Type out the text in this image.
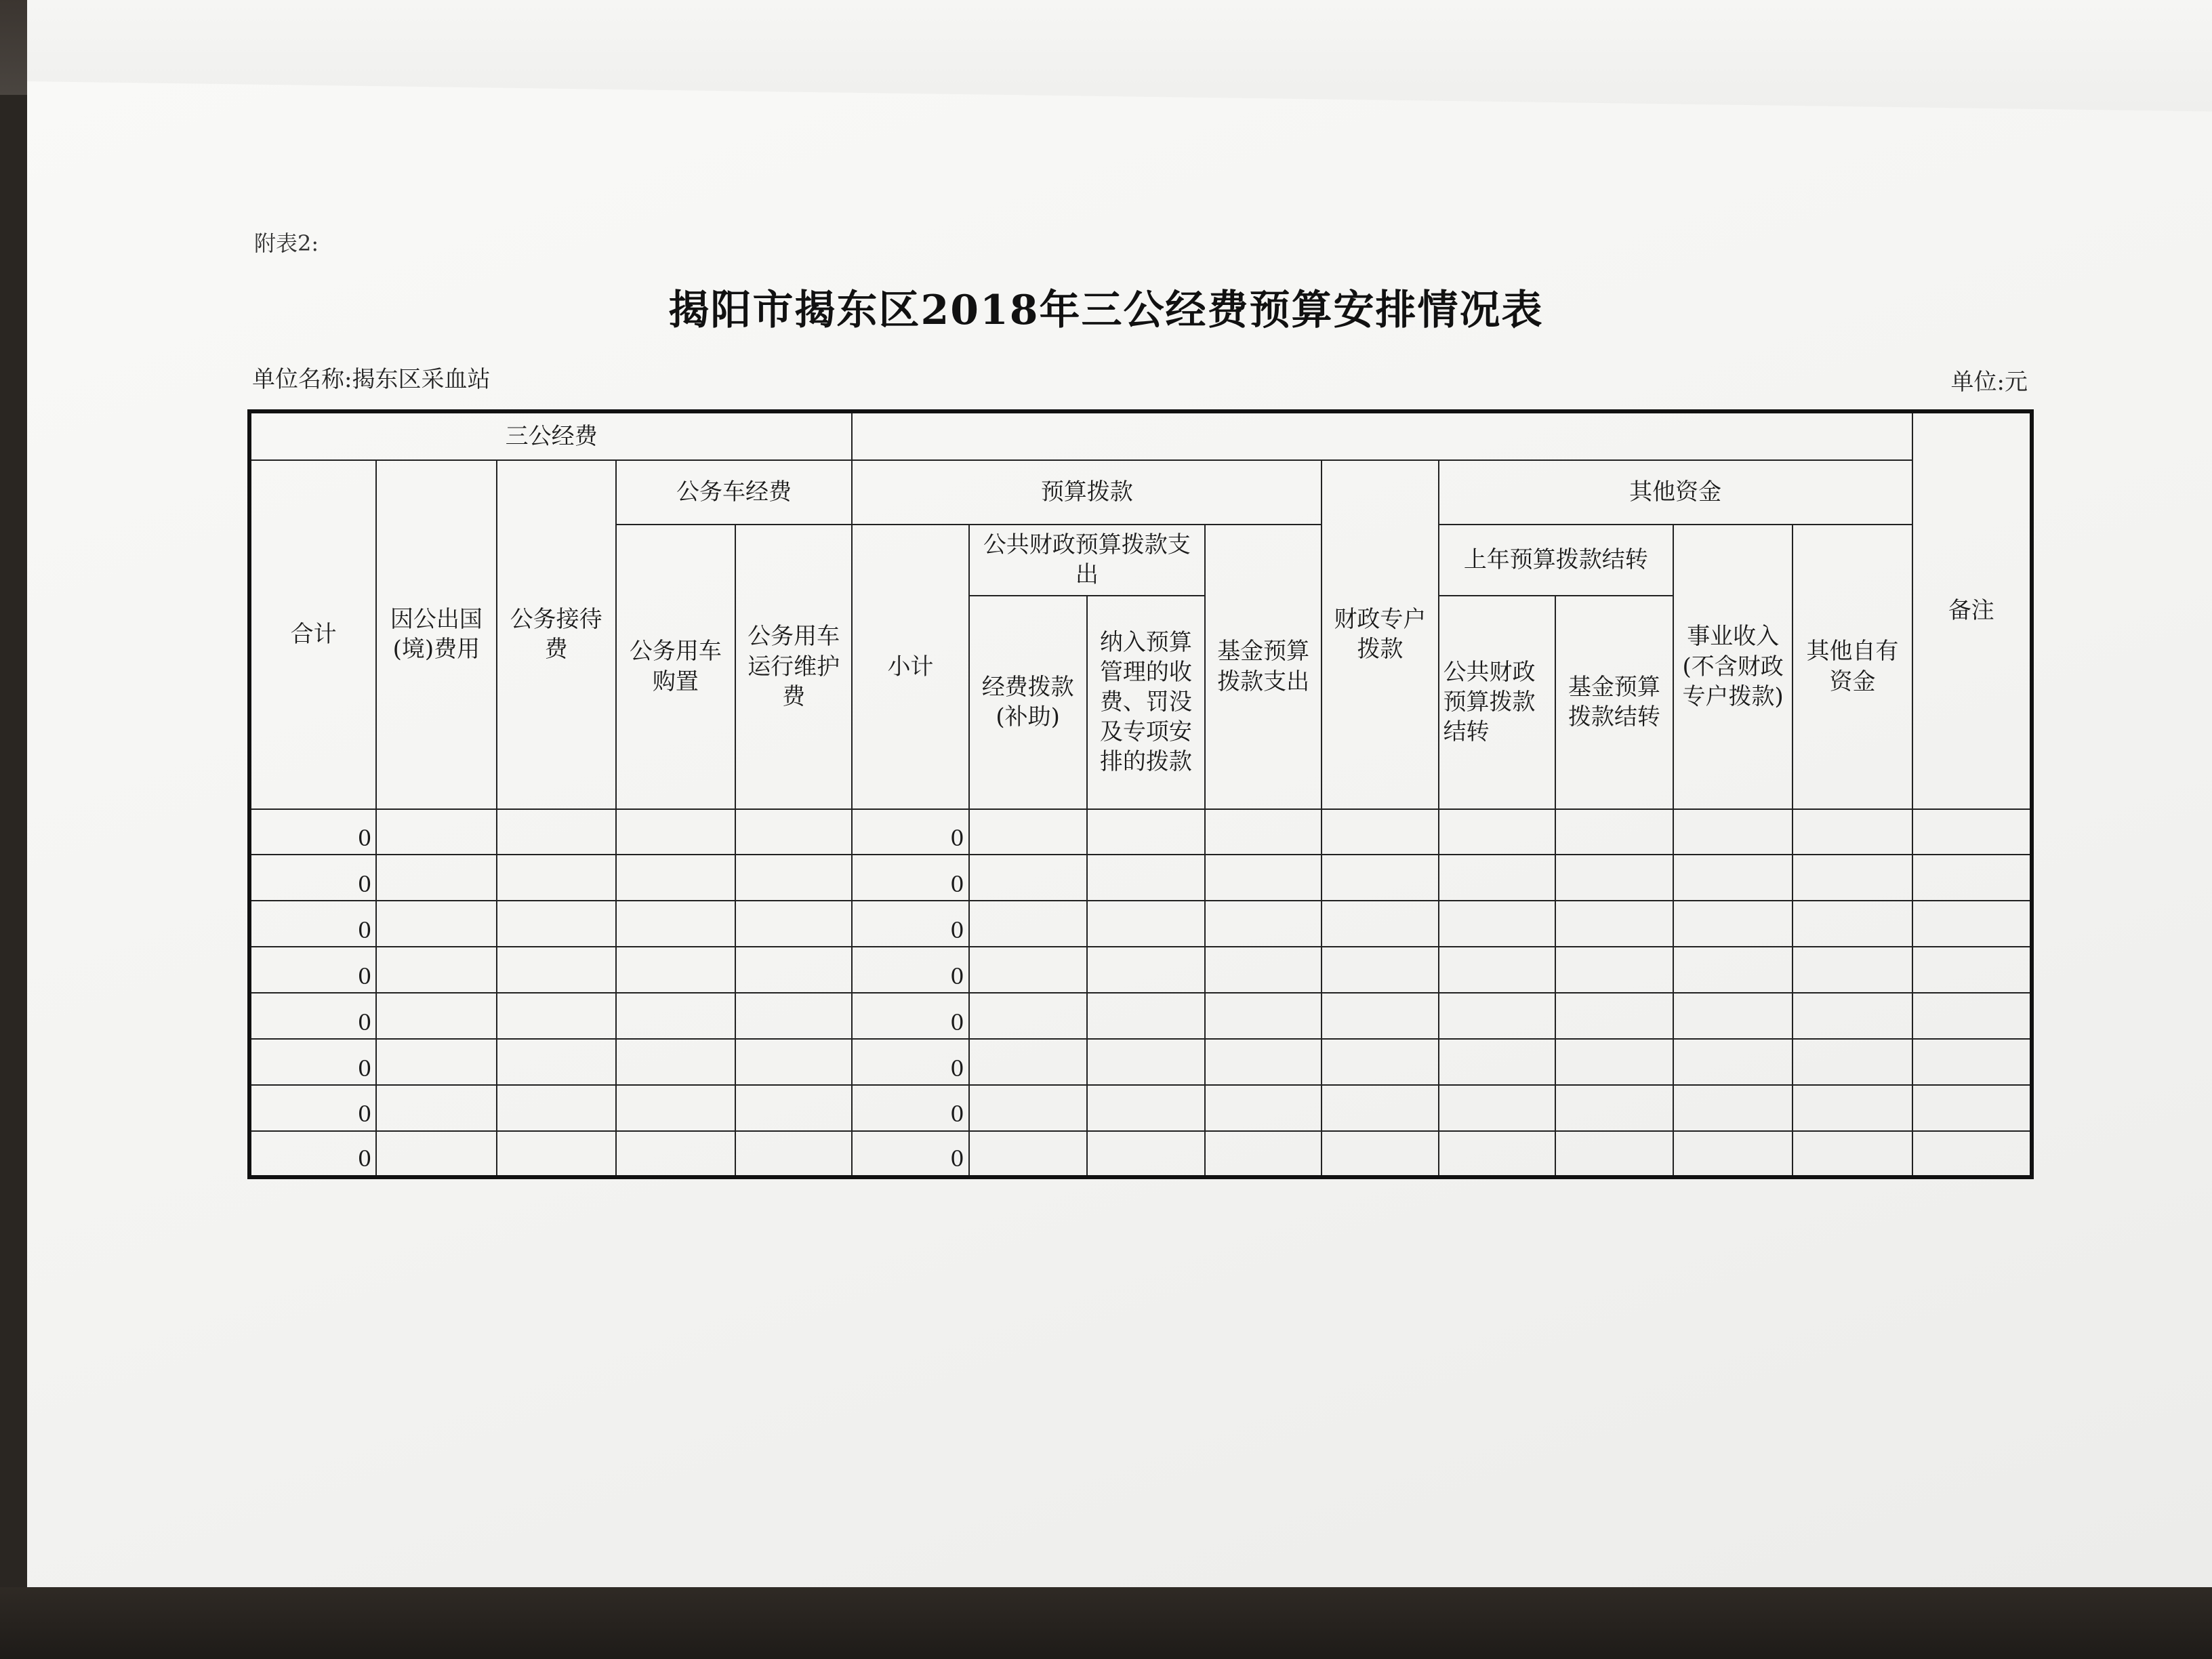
附表2:
揭阳市揭东区2018年三公经费预算安排情况表
单位名称:揭东区采血站	单位:元
三公经费														备注
合计	因公出国(境)费用	公务接待费	公务车经费		预算拨款				财政专户拨款	其他资金				
			公务用车购置	公务用车运行维护费	小计	公共财政预算拨款支出		基金预算拨款支出		上年预算拨款结转		事业收入(不含财政专户拨款)	其他自有资金	
						经费拨款(补助)	纳入预算管理的收费、罚没及专项安排的拨款			公共财政预算拨款结转	基金预算拨款结转			

0					0									
0					0									
0					0									
0					0									
0					0									
0					0									
0					0									
0					0									
